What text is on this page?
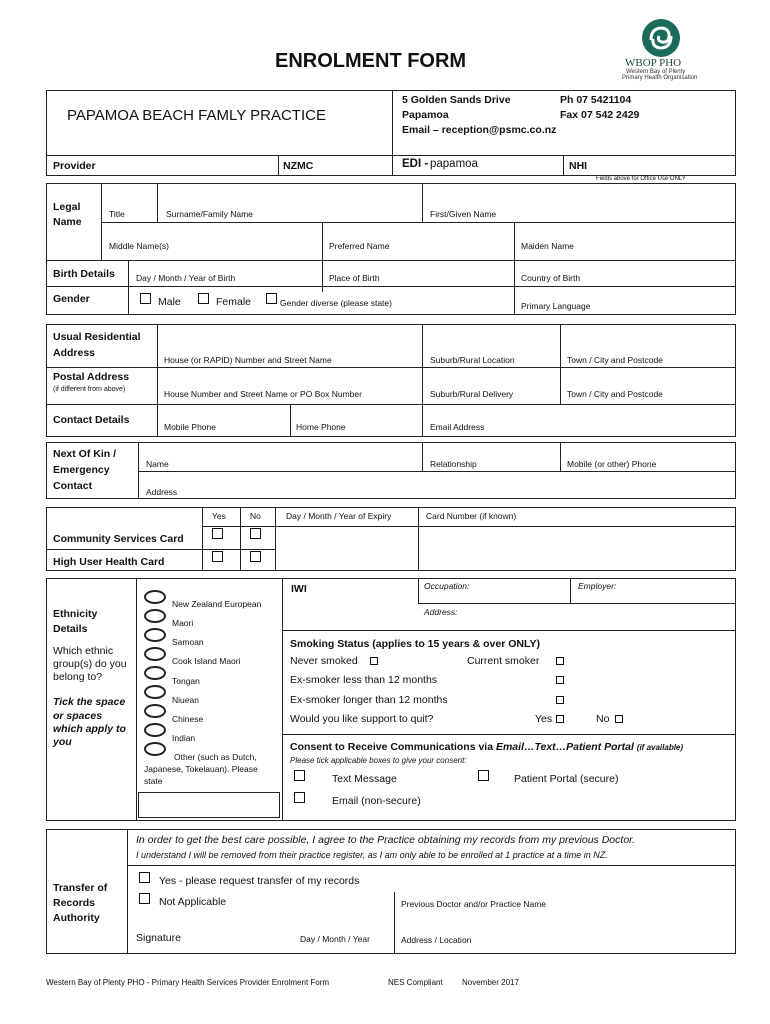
ENROLMENT FORM	WBOP PHO
Western Bay of Plenty
Primary Health Organisation
PAPAMOA BEACH FAMLY PRACTICE
5 Golden Sands Drive
Papamoa
Email – reception@psmc.co.nz
Ph 07 5421104
Fax 07 542 2429
Provider	NZMC	EDI - papamoa	NHI
Fields above for Office Use ONLY
Legal
Name
Title	Surname/Family Name	First/Given Name
Middle Name(s)	Preferred Name	Maiden Name
Birth Details Day / Month / Year of Birth	Place of Birth	Country of Birth
Gender	Male	Female	Gender diverse (please state)	Primary Language
Usual Residential
Address
House (or RAPID) Number and Street Name	Suburb/Rural Location	Town / City and Postcode
Postal Address
(if different from above)	House Number and Street Name or PO Box Number	Suburb/Rural Delivery	Town / City and Postcode
Contact Details
Mobile Phone	Home Phone	Email Address
Next Of Kin /
Emergency
Contact
Name	Relationship	Mobile (or other) Phone
Address
Yes	No	Day / Month / Year of Expiry	Card Number (if known)
Community Services Card
High User Health Card
Ethnicity
Details
Which ethnic
group(s) do you
belong to?
Tick the space
or spaces
which apply to
you
New Zealand European
Maori
Samoan
Cook Island Maori
Tongan
Niuean
Chinese
Indian
Other (such as Dutch,
Japanese, Tokelauan). Please
state
IWI	Occupation:	Employer:
Address:
Smoking Status (applies to 15 years & over ONLY)
Never smoked	Current smoker
Ex-smoker less than 12 months
Ex-smoker longer than 12 months
Would you like support to quit?	Yes	No
Consent to Receive Communications via Email…Text…Patient Portal (if available)
Please tick applicable boxes to give your consent:
Text Message	Patient Portal (secure)
Email (non-secure)
In order to get the best care possible, I agree to the Practice obtaining my records from my previous Doctor.
I understand I will be removed from their practice register, as I am only able to be enrolled at 1 practice at a time in NZ.
Transfer of
Records
Authority
Yes - please request transfer of my records
Not Applicable	Previous Doctor and/or Practice Name
Signature	Day / Month / Year	Address / Location
Western Bay of Plenty PHO - Primary Health Services Provider Enrolment Form	NES Compliant November 2017
